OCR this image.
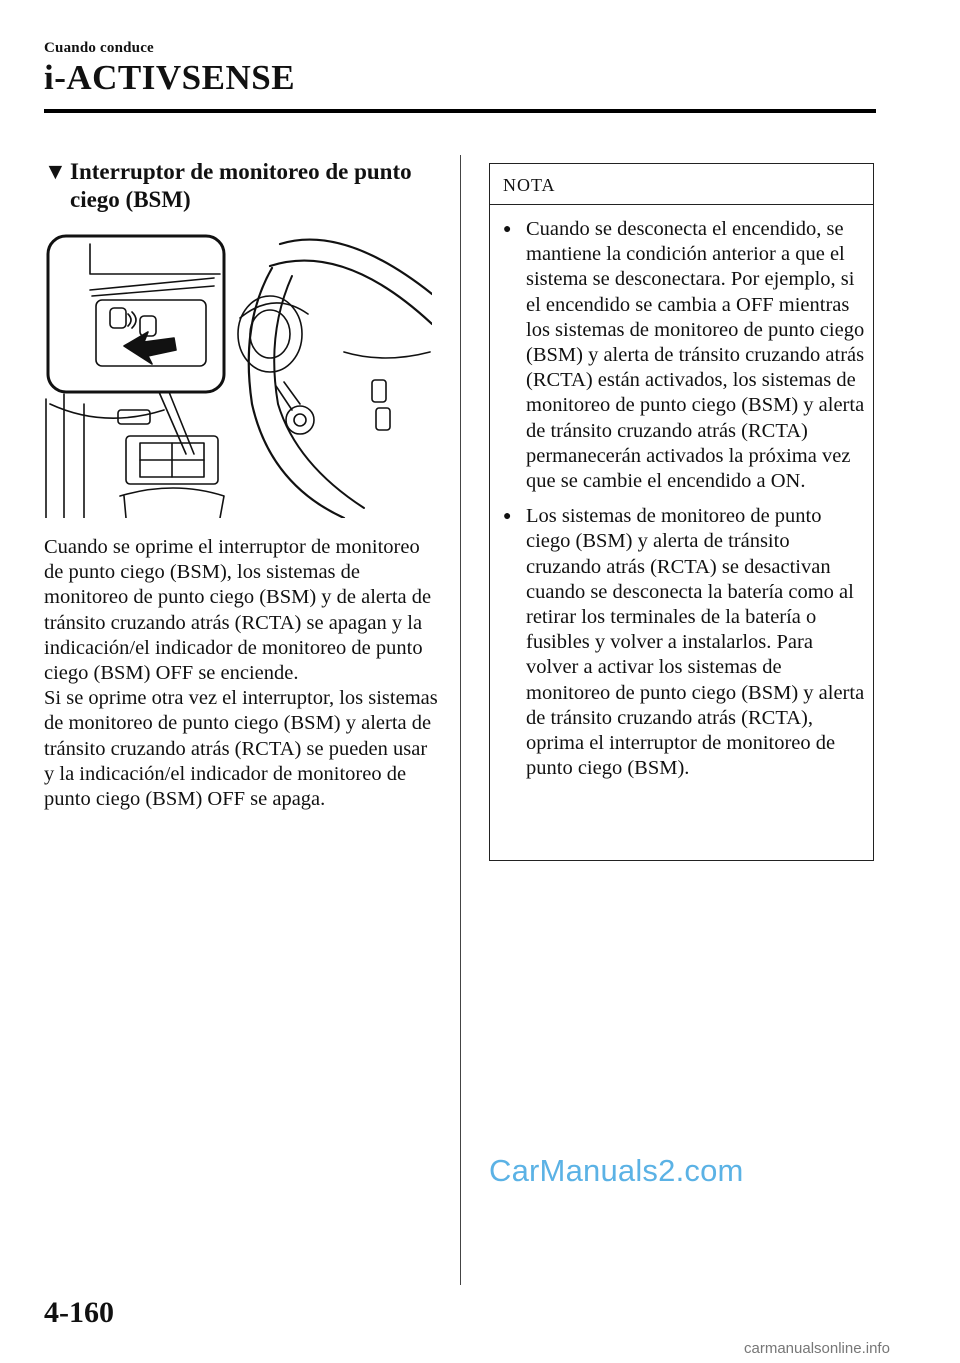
Cuando conduce
i-ACTIVSENSE
▼ Interruptor de monitoreo de punto ciego (BSM)
Cuando se oprime el interruptor de monitoreo de punto ciego (BSM), los sistemas de monitoreo de punto ciego (BSM) y de alerta de tránsito cruzando atrás (RCTA) se apagan y la indicación/el indicador de monitoreo de punto ciego (BSM) OFF se enciende.
Si se oprime otra vez el interruptor, los sistemas de monitoreo de punto ciego (BSM) y alerta de tránsito cruzando atrás (RCTA) se pueden usar y la indicación/el indicador de monitoreo de punto ciego (BSM) OFF se apaga.
NOTA
● Cuando se desconecta el encendido, se mantiene la condición anterior a que el sistema se desconectara. Por ejemplo, si el encendido se cambia a OFF mientras los sistemas de monitoreo de punto ciego (BSM) y alerta de tránsito cruzando atrás (RCTA) están activados, los sistemas de monitoreo de punto ciego (BSM) y alerta de tránsito cruzando atrás (RCTA) permanecerán activados la próxima vez que se cambie el encendido a ON.
● Los sistemas de monitoreo de punto ciego (BSM) y alerta de tránsito cruzando atrás (RCTA) se desactivan cuando se desconecta la batería como al retirar los terminales de la batería o fusibles y volver a instalarlos. Para volver a activar los sistemas de monitoreo de punto ciego (BSM) y alerta de tránsito cruzando atrás (RCTA), oprima el interruptor de monitoreo de punto ciego (BSM).
CarManuals2.com
4-160
carmanualsonline.info
